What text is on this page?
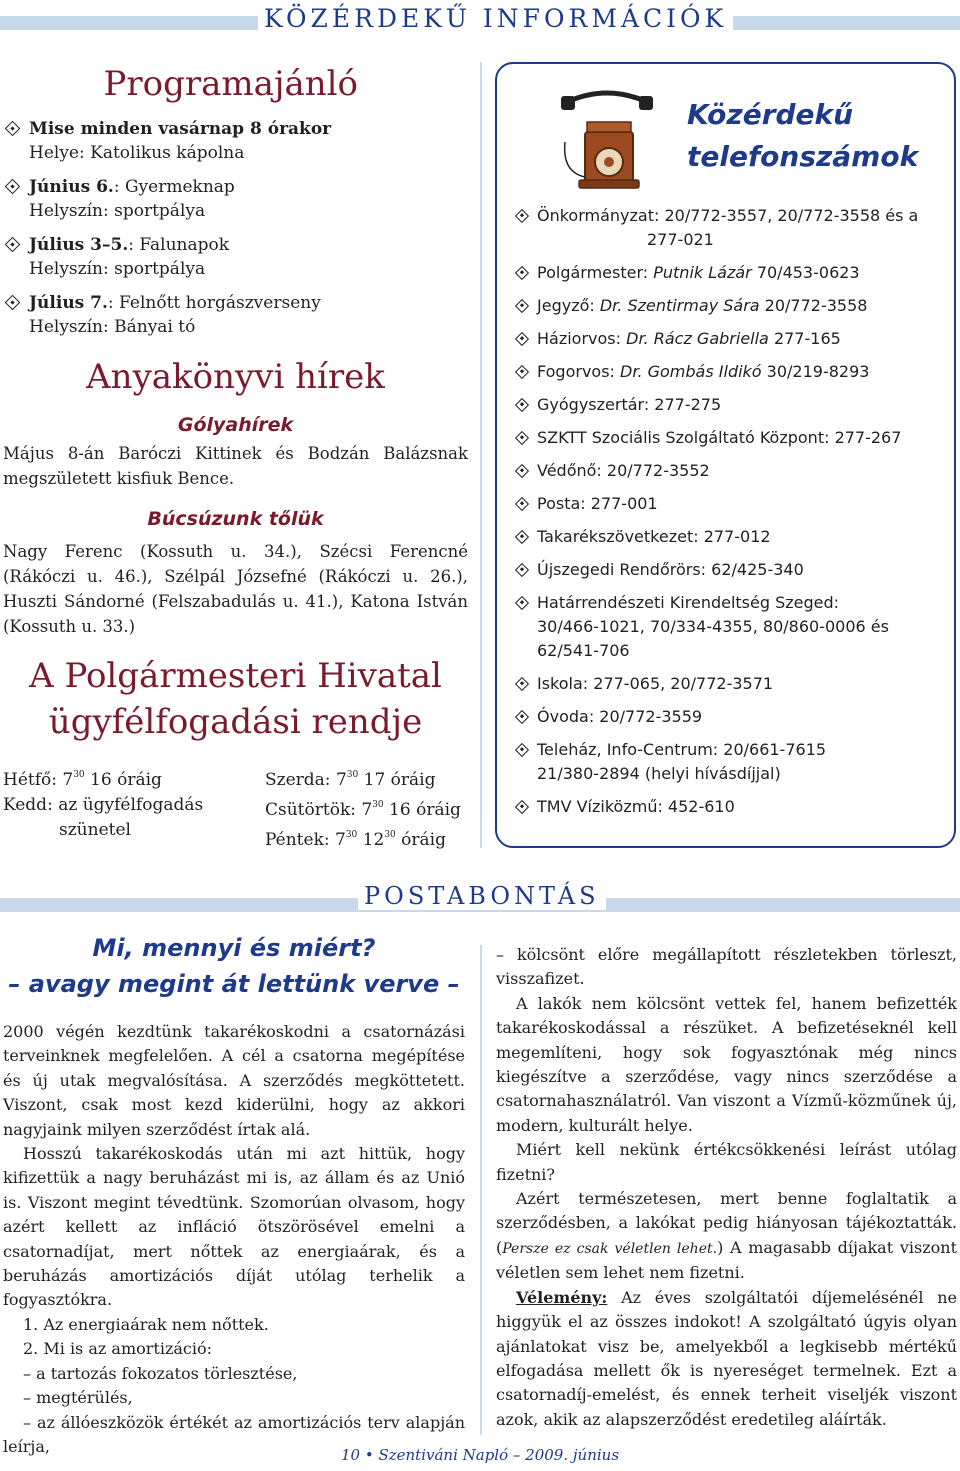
KÖZÉRDEKŰ INFORMÁCIÓK
Programajánló
Mise minden vasárnap 8 órakor
Helye: Katolikus kápolna
Június 6.: Gyermeknap
Helyszín: sportpálya
Július 3–5.: Falunapok
Helyszín: sportpálya
Július 7.: Felnőtt horgászverseny
Helyszín: Bányai tó
Anyakönyvi hírek
Gólyahírek

Május 8-án Baróczi Kittinek és Bodzán Balázsnak megszületett kisfiuk Bence.

Búcsúzunk tőlük

Nagy Ferenc (Kossuth u. 34.), Szécsi Ferencné (Rákóczi u. 46.), Szélpál Józsefné (Rákóczi u. 26.), Huszti Sándorné (Felszabadulás u. 41.), Katona István (Kossuth u. 33.)

A Polgármesteri Hivatal
ügyfélfogadási rendje
Hétfő: $7^{30}$ 16 óráig
Kedd: az ügyfélfogadás
szünetel
Szerda: $7^{30}$ 17 óráig
Csütörtök: $7^{30}$ 16 óráig
Péntek: $7^{30}$ $12^{30}$ óráig
Közérdekű
telefonszámok
Önkormányzat: 20/772-3557, 20/772-3558 és a
277-021
Polgármester: Putnik Lázár 70/453-0623
Jegyző: Dr. Szentirmay Sára 20/772-3558
Háziorvos: Dr. Rácz Gabriella 277-165
Fogorvos: Dr. Gombás Ildikó 30/219-8293
Gyógyszertár: 277-275
SZKTT Szociális Szolgáltató Központ: 277-267
Védőnő: 20/772-3552
Posta: 277-001
Takarékszövetkezet: 277-012
Újszegedi Rendőrörs: 62/425-340
Határrendészeti Kirendeltség Szeged:
30/466-1021, 70/334-4355, 80/860-0006 és
62/541-706
Iskola: 277-065, 20/772-3571
Óvoda: 20/772-3559
Teleház, Info-Centrum: 20/661-7615
21/380-2894 (helyi hívásdíjjal)
TMV Víziközmű: 452-610
POSTABONTÁS
Mi, mennyi és miért?
– avagy megint át lettünk verve –

2000 végén kezdtünk takarékoskodni a csatornázási terveinknek megfelelően. A cél a csatorna megépítése és új utak megvalósítása. A szerződés megköttetett. Viszont, csak most kezd kiderülni, hogy az akkori nagyjaink milyen szerződést írtak alá.

Hosszú takarékoskodás után mi azt hittük, hogy kifizettük a nagy beruházást mi is, az állam és az Unió is. Viszont megint tévedtünk. Szomorúan olvasom, hogy azért kellett az infláció ötszörösével emelni a csatornadíjat, mert nőttek az energiaárak, és a beruházás amortizációs díját utólag terhelik a fogyasztókra.

1. Az energiaárak nem nőttek.

2. Mi is az amortizáció:

– a tartozás fokozatos törlesztése,

– megtérülés,

– az állóeszközök értékét az amortizációs terv alapján leírja,

– kölcsönt előre megállapított részletekben törleszt, visszafizet.

A lakók nem kölcsönt vettek fel, hanem befizették takarékoskodással a részüket. A befizetéseknél kell megemlíteni, hogy sok fogyasztónak még nincs kiegészítve a szerződése, vagy nincs szerződése a csatornahasználatról. Van viszont a Vízmű-közműnek új, modern, kulturált helye.

Miért kell nekünk értékcsökkenési leírást utólag fizetni?

Azért természetesen, mert benne foglaltatik a szerződésben, a lakókat pedig hiányosan tájékoztatták. (Persze ez csak véletlen lehet.) A magasabb díjakat viszont véletlen sem lehet nem fizetni.

Vélemény: Az éves szolgáltatói díjemelésénél ne higgyük el az összes indokot! A szolgáltató úgyis olyan ajánlatokat visz be, amelyekből a legkisebb mértékű elfogadása mellett ők is nyereséget termelnek. Ezt a csatornadíj-emelést, és ennek terheit viseljék viszont azok, akik az alapszerződést eredetileg aláírták.

10 • Szentiváni Napló – 2009. június
